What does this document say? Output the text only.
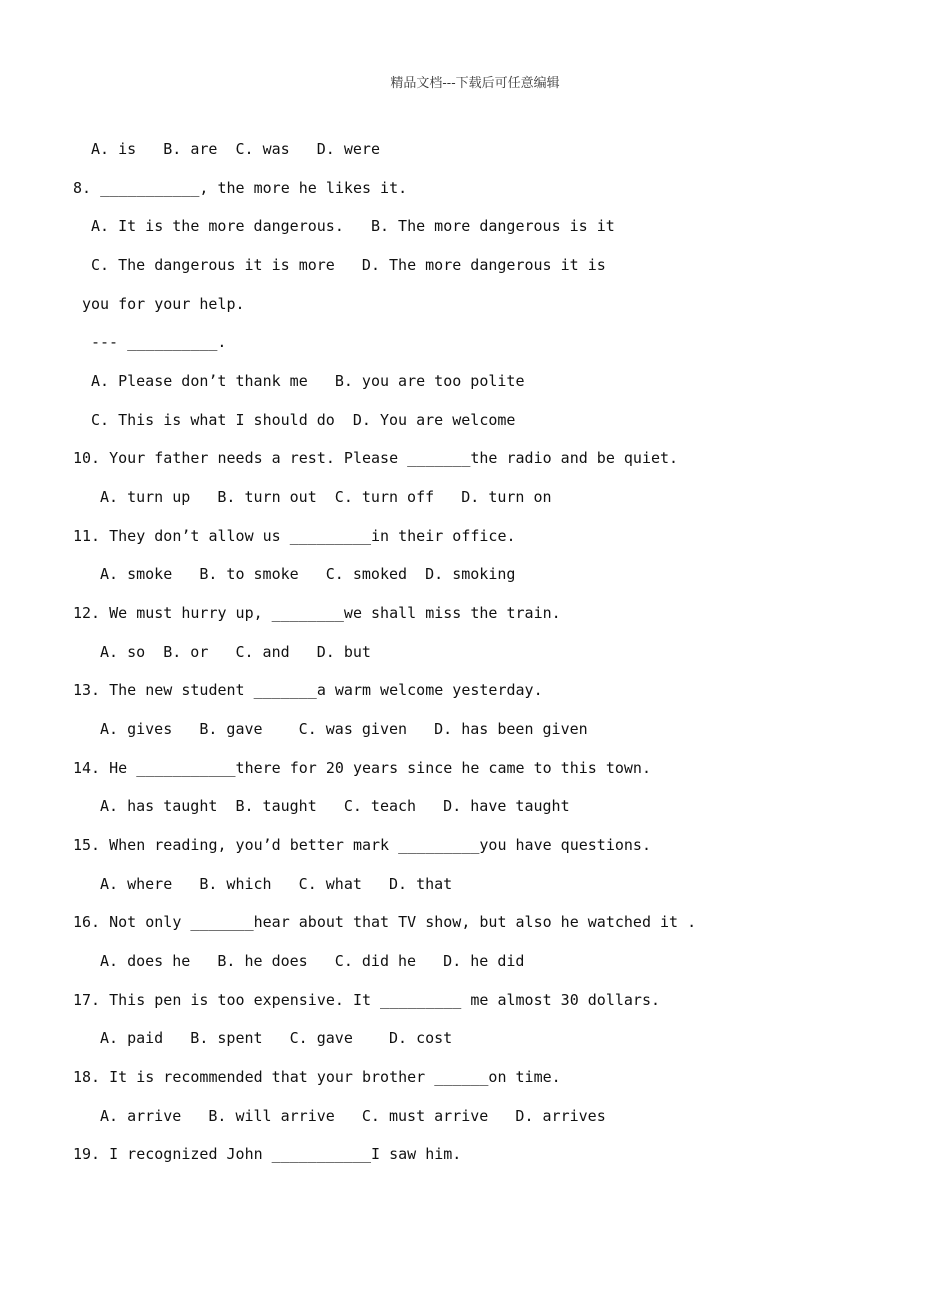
精品文档---下载后可任意编辑
A. is   B. are  C. was   D. were
8. ___________, the more he likes it.
A. It is the more dangerous.   B. The more dangerous is it
C. The dangerous it is more   D. The more dangerous it is
you for your help.
--- __________.
A. Please don’t thank me   B. you are too polite
C. This is what I should do  D. You are welcome
10. Your father needs a rest. Please _______the radio and be quiet.
A. turn up   B. turn out  C. turn off   D. turn on
11. They don’t allow us _________in their office.
A. smoke   B. to smoke   C. smoked  D. smoking
12. We must hurry up, ________we shall miss the train.
A. so  B. or   C. and   D. but
13. The new student _______a warm welcome yesterday.
A. gives   B. gave    C. was given   D. has been given
14. He ___________there for 20 years since he came to this town.
A. has taught  B. taught   C. teach   D. have taught
15. When reading, you’d better mark _________you have questions.
A. where   B. which   C. what   D. that
16. Not only _______hear about that TV show, but also he watched it .
A. does he   B. he does   C. did he   D. he did
17. This pen is too expensive. It _________ me almost 30 dollars.
A. paid   B. spent   C. gave    D. cost
18. It is recommended that your brother ______on time.
A. arrive   B. will arrive   C. must arrive   D. arrives
19. I recognized John ___________I saw him.
